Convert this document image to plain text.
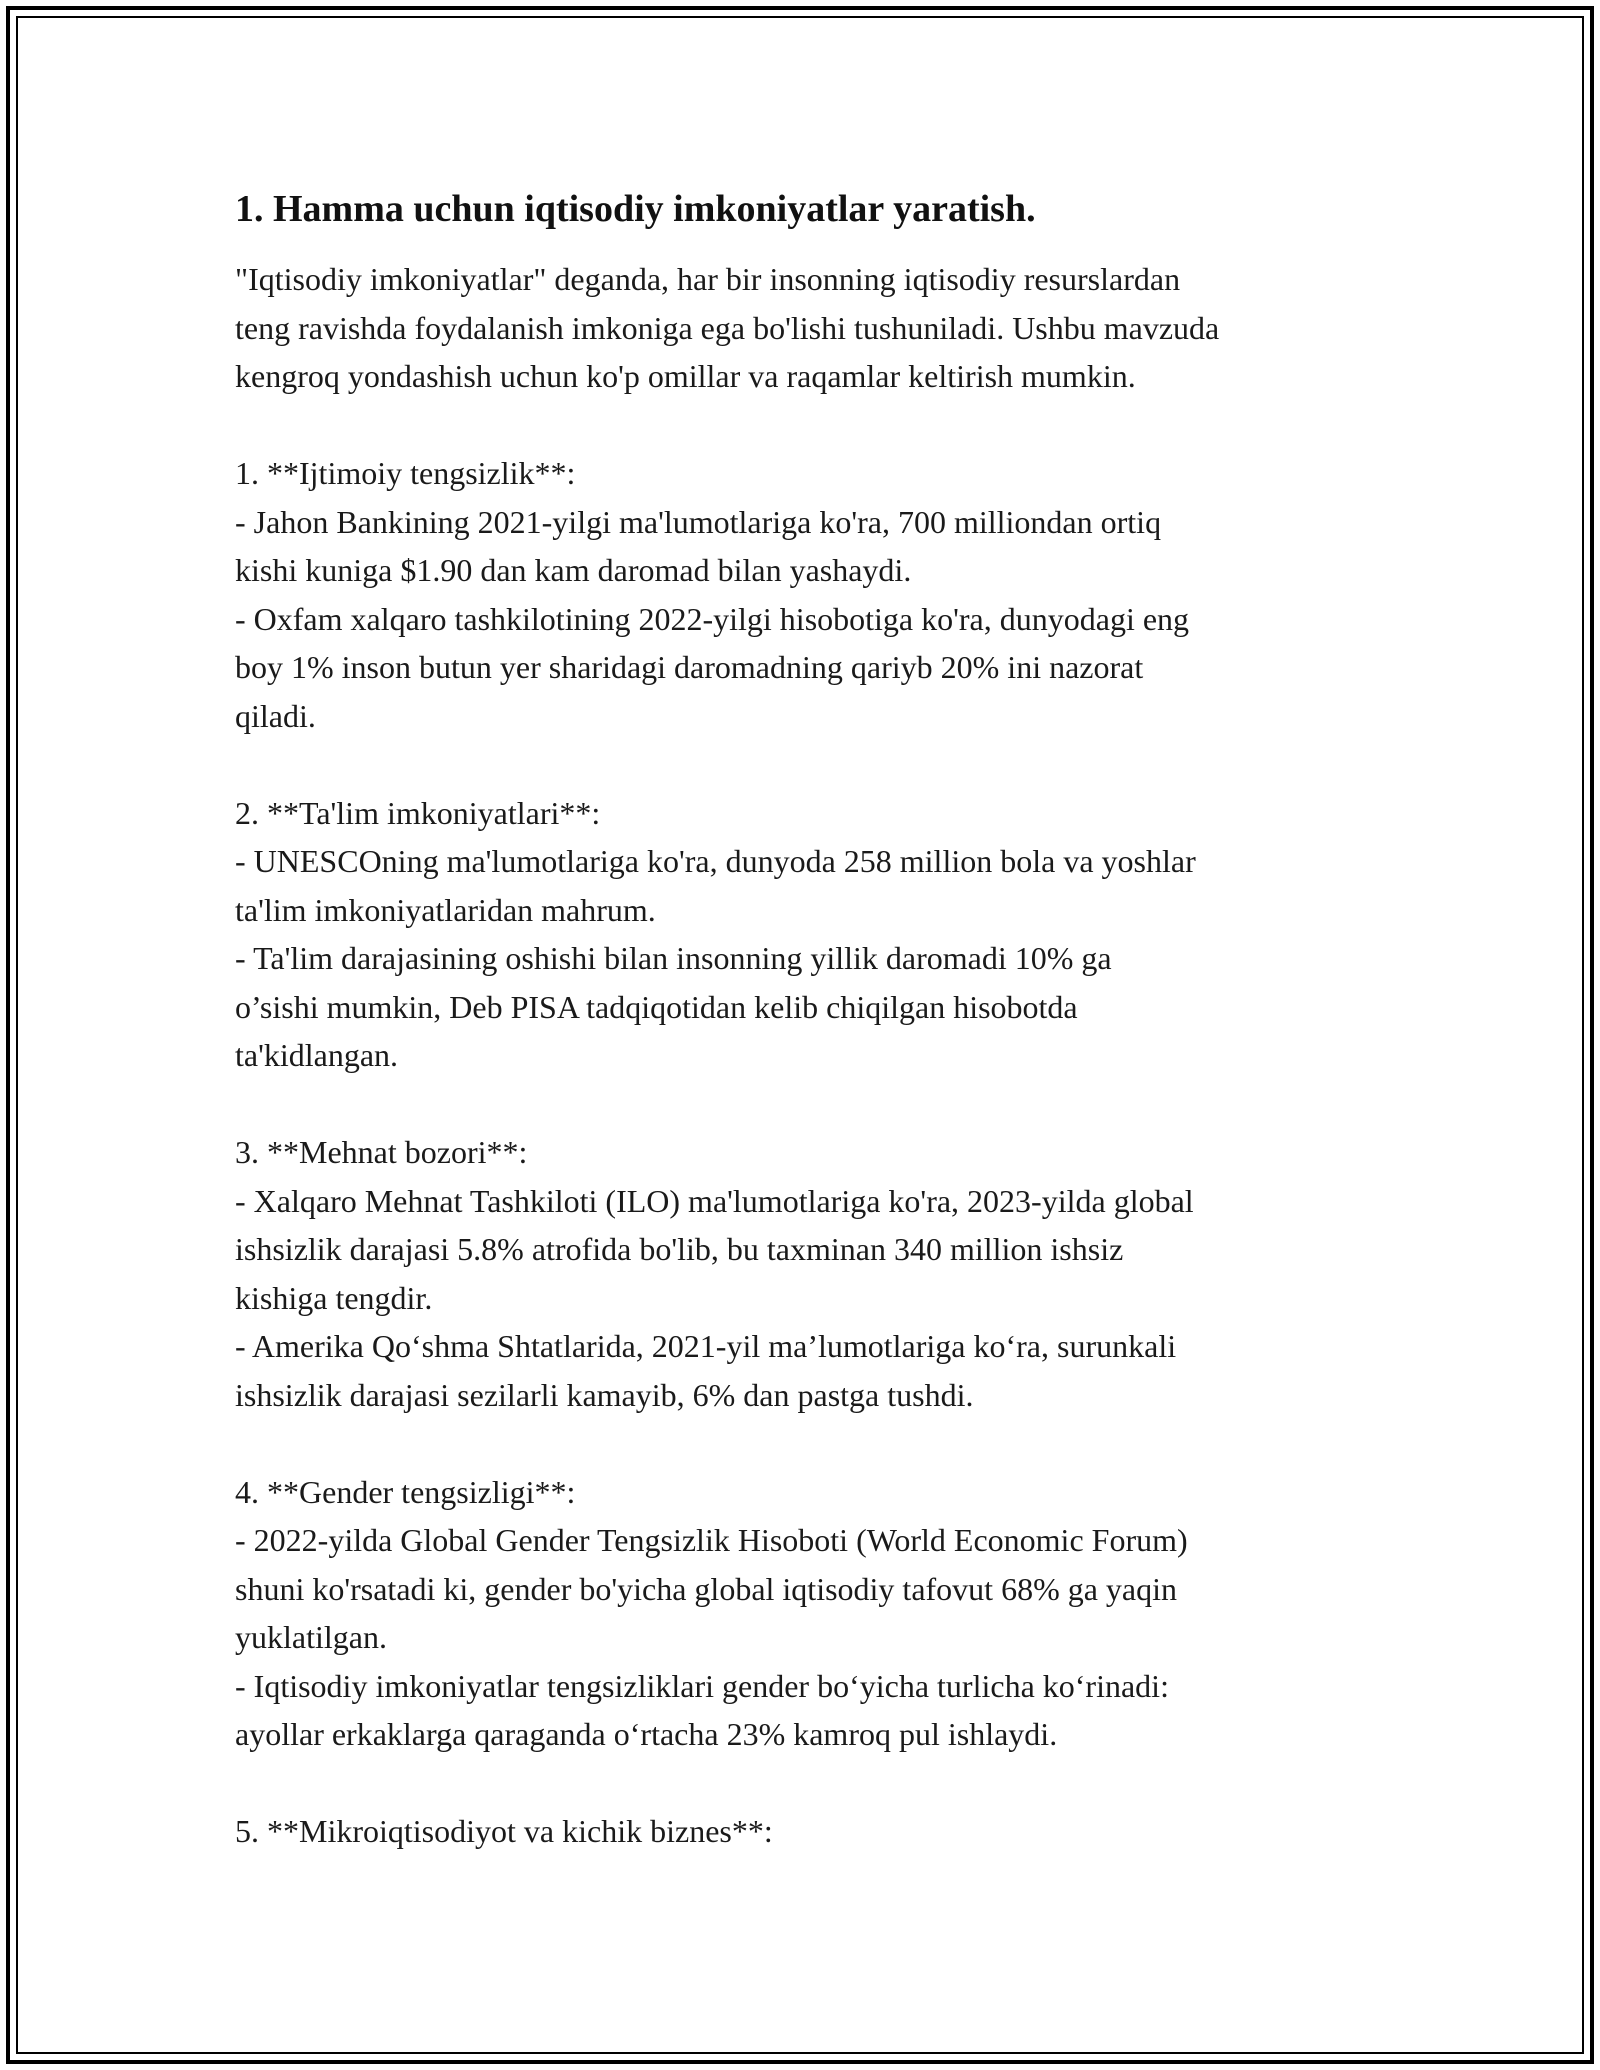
1. Hamma uchun iqtisodiy imkoniyatlar yaratish.

"Iqtisodiy imkoniyatlar" deganda, har bir insonning iqtisodiy resurslardan
teng ravishda foydalanish imkoniga ega bo'lishi tushuniladi. Ushbu mavzuda
kengroq yondashish uchun ko'p omillar va raqamlar keltirish mumkin.

1. **Ijtimoiy tengsizlik**:

- Jahon Bankining 2021-yilgi ma'lumotlariga ko'ra, 700 milliondan ortiq
kishi kuniga $1.90 dan kam daromad bilan yashaydi.

- Oxfam xalqaro tashkilotining 2022-yilgi hisobotiga ko'ra, dunyodagi eng
boy 1% inson butun yer sharidagi daromadning qariyb 20% ini nazorat
qiladi.

2. **Ta'lim imkoniyatlari**:

- UNESCOning ma'lumotlariga ko'ra, dunyoda 258 million bola va yoshlar
ta'lim imkoniyatlaridan mahrum.

- Ta'lim darajasining oshishi bilan insonning yillik daromadi 10% ga
o’sishi mumkin, Deb PISA tadqiqotidan kelib chiqilgan hisobotda
ta'kidlangan.

3. **Mehnat bozori**:

- Xalqaro Mehnat Tashkiloti (ILO) ma'lumotlariga ko'ra, 2023-yilda global
ishsizlik darajasi 5.8% atrofida bo'lib, bu taxminan 340 million ishsiz
kishiga tengdir.

- Amerika Qo‘shma Shtatlarida, 2021-yil ma’lumotlariga ko‘ra, surunkali
ishsizlik darajasi sezilarli kamayib, 6% dan pastga tushdi.

4. **Gender tengsizligi**:

- 2022-yilda Global Gender Tengsizlik Hisoboti (World Economic Forum)
shuni ko'rsatadi ki, gender bo'yicha global iqtisodiy tafovut 68% ga yaqin
yuklatilgan.

- Iqtisodiy imkoniyatlar tengsizliklari gender bo‘yicha turlicha ko‘rinadi:
ayollar erkaklarga qaraganda o‘rtacha 23% kamroq pul ishlaydi.

5. **Mikroiqtisodiyot va kichik biznes**:
